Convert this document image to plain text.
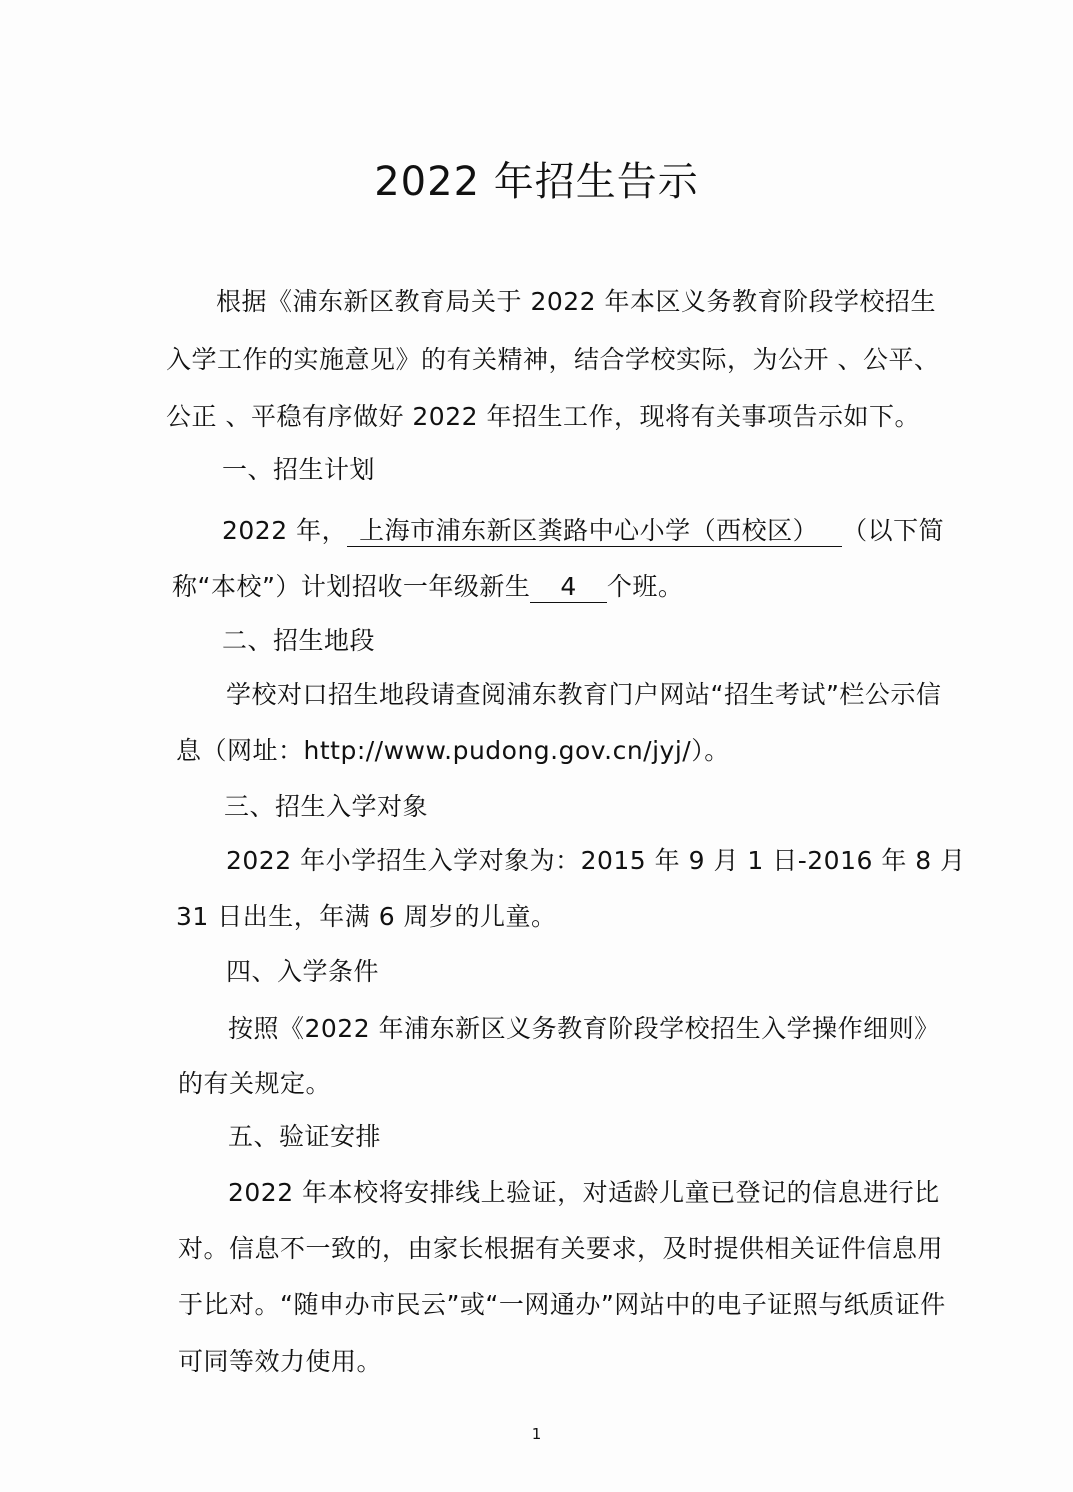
2022 年招生告示
根据《浦东新区教育局关于 2022 年本区义务教育阶段学校招生
入学工作的实施意见》的有关精神，结合学校实际，为公开 、公平、
公正 、平稳有序做好 2022 年招生工作，现将有关事项告示如下。
一、招生计划
2022 年， 上海市浦东新区粪路中心小学（西校区） （以下简
称“本校”）计划招收一年级新生 4 个班。
二、招生地段
学校对口招生地段请查阅浦东教育门户网站“招生考试”栏公示信
息（网址：http://www.pudong.gov.cn/jyj/）。
三、招生入学对象
2022 年小学招生入学对象为：2015 年 9 月 1 日-2016 年 8 月
31 日出生，年满 6 周岁的儿童。
四、入学条件
按照《2022 年浦东新区义务教育阶段学校招生入学操作细则》
的有关规定。
五、验证安排
2022 年本校将安排线上验证，对适龄儿童已登记的信息进行比
对。信息不一致的，由家长根据有关要求，及时提供相关证件信息用
于比对。“随申办市民云”或“一网通办”网站中的电子证照与纸质证件
可同等效力使用。
1
